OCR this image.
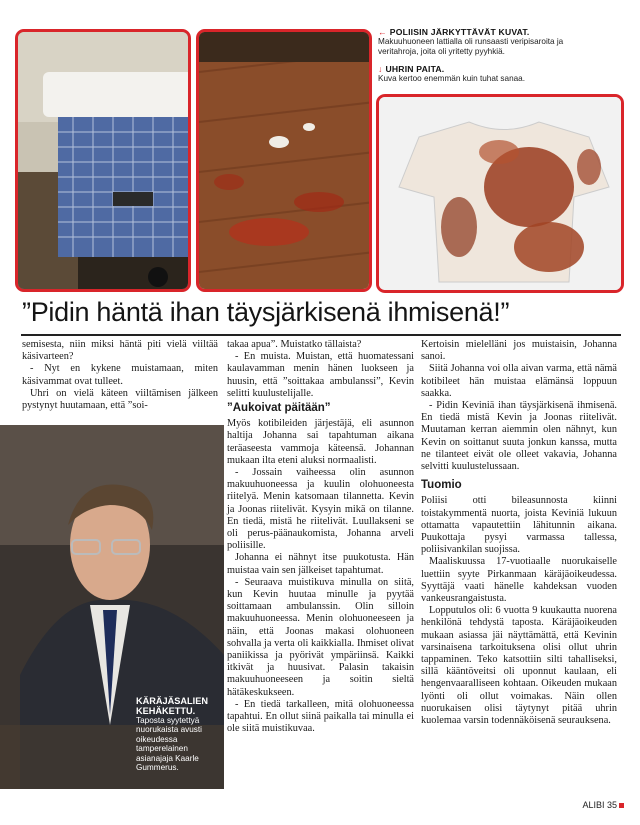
← POLIISIN JÄRKYTTÄVÄT KUVAT.
Makuuhuoneen lattialla oli runsaasti veripisaroita ja
veritahroja, joita oli yritetty pyyhkiä.
↓ UHRIN PAITA.
Kuva kertoo enemmän kuin tuhat sanaa.
”Pidin häntä ihan täysjärkisenä ihmisenä!”

semisesta, niin miksi häntä piti vielä viiltää käsivarteen?

- Nyt en kykene muistamaan, miten käsivammat ovat tulleet.

Uhri on vielä käteen viiltämisen jälkeen pystynyt huutamaan, että ”soi-

KÄRÄJÄSALIEN KEHÄKETTU.
Taposta syytettyä nuorukaista avusti oikeudessa tamperelainen asianajaja Kaarle Gummerus.

takaa apua”. Muistatko tällaista?

- En muista. Muistan, että huomatessani kaulavamman menin hänen luokseen ja huusin, että ”soittakaa ambulanssi”, Kevin selitti kuulustelijalle.

”Aukoivat päitään”

Myös kotibileiden järjestäjä, eli asunnon haltija Johanna sai tapahtuman aikana teräaseesta vammoja käteensä. Johannan mukaan ilta eteni aluksi normaalisti.

- Jossain vaiheessa olin asunnon makuuhuoneessa ja kuulin olohuoneesta riitelyä. Menin katsomaan tilannetta. Kevin ja Joonas riitelivät. Kysyin mikä on tilanne. En tiedä, mistä he riitelivät. Luullakseni se oli perus-päänaukomista, Johanna arveli poliisille.

Johanna ei nähnyt itse puukotusta. Hän muistaa vain sen jälkeiset tapahtumat.

- Seuraava muistikuva minulla on siitä, kun Kevin huutaa minulle ja pyytää soittamaan ambulanssin. Olin silloin makuuhuoneessa. Menin olohuoneeseen ja näin, että Joonas makasi olohuoneen sohvalla ja verta oli kaikkialla. Ihmiset olivat paniikissa ja pyörivät ympäriinsä. Kaikki itkivät ja huusivat. Palasin takaisin makuuhuoneeseen ja soitin sieltä hätäkeskukseen.

- En tiedä tarkalleen, mitä olohuoneessa tapahtui. En ollut siinä paikalla tai minulla ei ole siitä muistikuvaa.

Kertoisin mielelläni jos muistaisin, Johanna sanoi.

Siitä Johanna voi olla aivan varma, että nämä kotibileet hän muistaa elämänsä loppuun saakka.

- Pidin Keviniä ihan täysjärkisenä ihmisenä. En tiedä mistä Kevin ja Joonas riitelivät. Muutaman kerran aiemmin olen nähnyt, kun Kevin on soittanut suuta jonkun kanssa, mutta ne tilanteet eivät ole olleet vakavia, Johanna selvitti kuulustelussaan.

Tuomio

Poliisi otti bileasunnosta kiinni toistakymmentä nuorta, joista Keviniä lukuun ottamatta vapautettiin lähitunnin aikana. Puukottaja pysyi varmassa tallessa, poliisivankilan suojissa.

Maaliskuussa 17-vuotiaalle nuorukaiselle luettiin syyte Pirkanmaan käräjäoikeudessa. Syyttäjä vaati hänelle kahdeksan vuoden vankeusrangaistusta.

Lopputulos oli: 6 vuotta 9 kuukautta nuorena henkilönä tehdystä taposta. Käräjäoikeuden mukaan asiassa jäi näyttämättä, että Kevinin varsinaisena tarkoituksena olisi ollut uhrin tappaminen. Teko katsottiin silti tahalliseksi, sillä kääntöveitsi oli uponnut kaulaan, eli hengenvaaralliseen kohtaan. Oikeuden mukaan lyönti oli ollut voimakas. Näin ollen nuorukaisen olisi täytynyt pitää uhrin kuolemaa varsin todennäköisenä seurauksena.

ALIBI 35
